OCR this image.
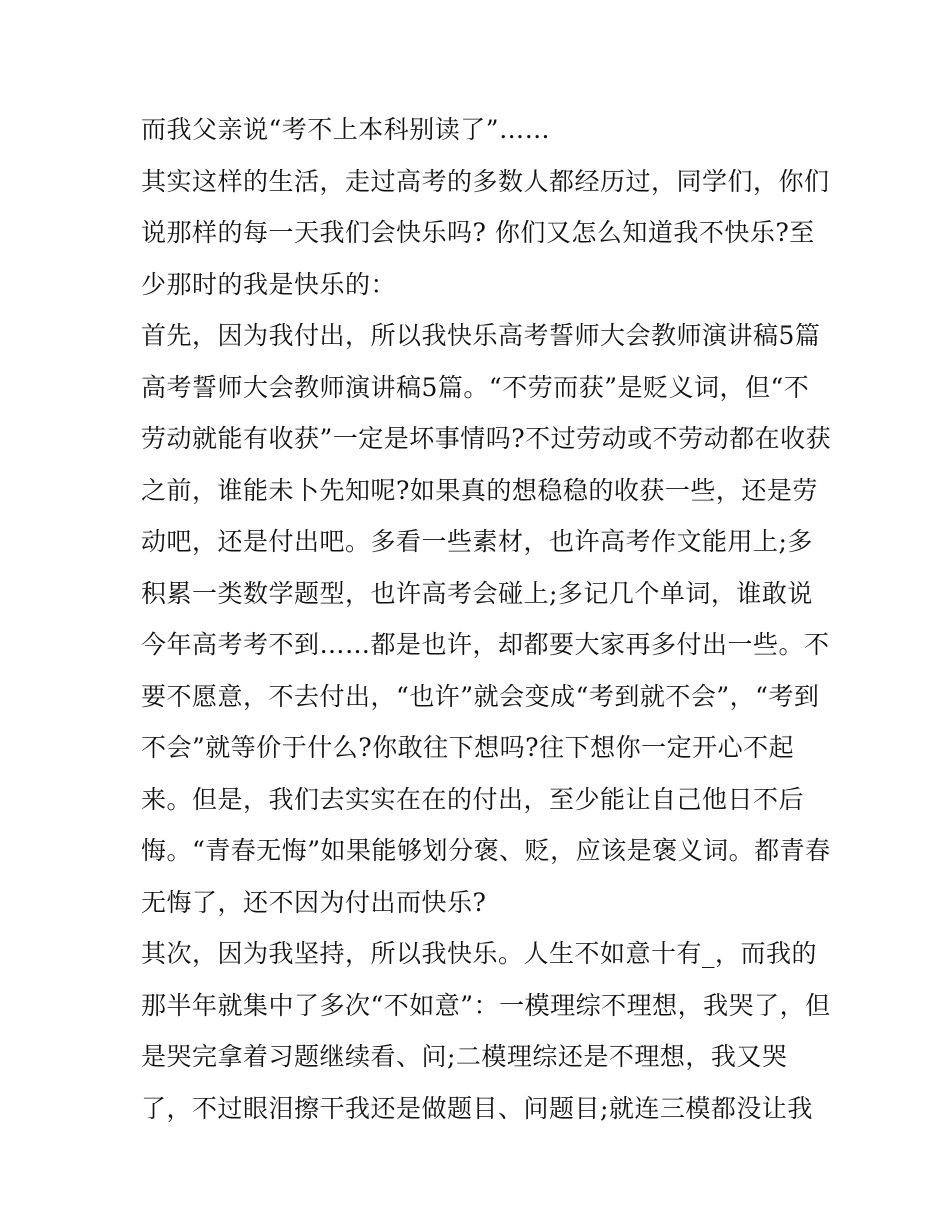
而我父亲说“考不上本科别读了”……
其实这样的生活，走过高考的多数人都经历过，同学们，你们
说那样的每一天我们会快乐吗? 你们又怎么知道我不快乐?至
少那时的我是快乐的：
首先，因为我付出，所以我快乐高考誓师大会教师演讲稿5篇
高考誓师大会教师演讲稿5篇。“不劳而获”是贬义词，但“不
劳动就能有收获”一定是坏事情吗?不过劳动或不劳动都在收获
之前，谁能未卜先知呢?如果真的想稳稳的收获一些，还是劳
动吧，还是付出吧。多看一些素材，也许高考作文能用上;多
积累一类数学题型，也许高考会碰上;多记几个单词，谁敢说
今年高考考不到……都是也许，却都要大家再多付出一些。不
要不愿意，不去付出，“也许”就会变成“考到就不会”，“考到
不会”就等价于什么?你敢往下想吗?往下想你一定开心不起
来。但是，我们去实实在在的付出，至少能让自己他日不后
悔。“青春无悔”如果能够划分褒、贬，应该是褒义词。都青春
无悔了，还不因为付出而快乐?
其次，因为我坚持，所以我快乐。人生不如意十有_，而我的
那半年就集中了多次“不如意”：一模理综不理想，我哭了，但
是哭完拿着习题继续看、问;二模理综还是不理想，我又哭
了，不过眼泪擦干我还是做题目、问题目;就连三模都没让我
